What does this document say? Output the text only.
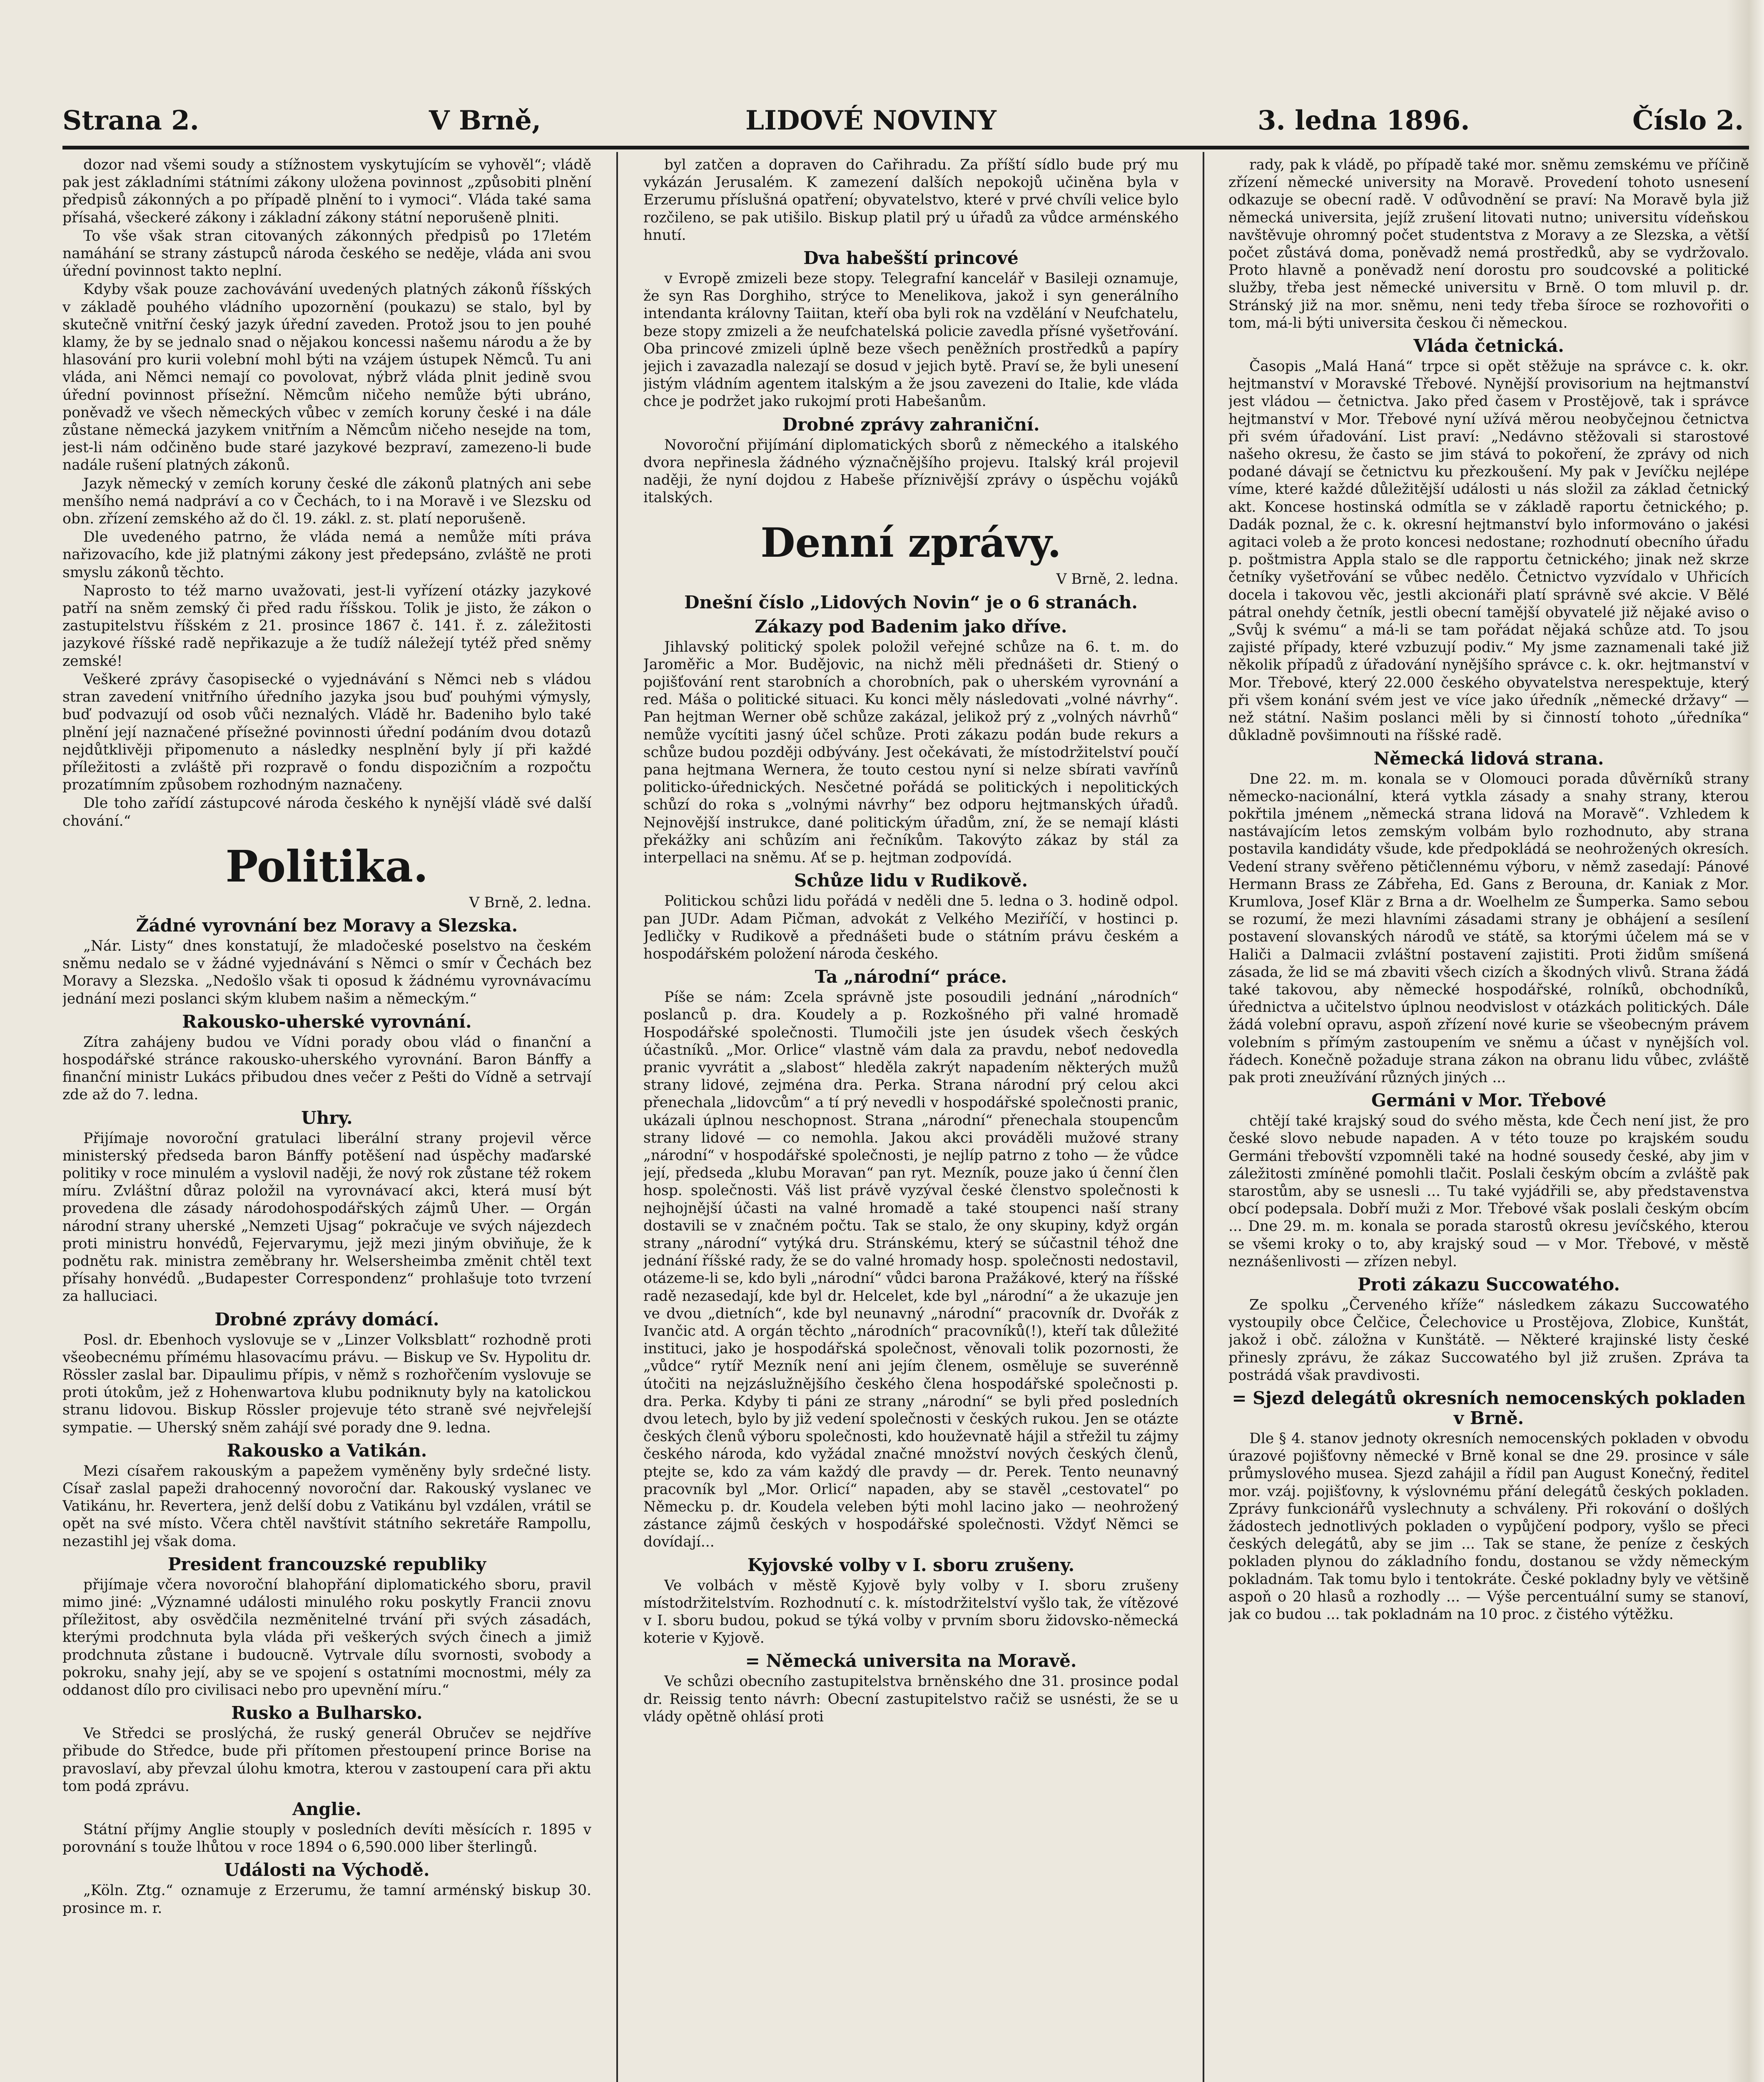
Strana 2.	V Brně,	LIDOVÉ NOVINY	3. ledna 1896.	Číslo 2.

dozor nad všemi soudy a stížnostem vyskytujícím se vyhověl“; vládě pak jest základními státními zákony uložena povinnost „způsobiti plnění předpisů zákonných a po případě plnění to i vymoci“. Vláda také sama přísahá, všeckeré zákony i základní zákony státní neporušeně plniti.

To vše však stran citovaných zákonných předpisů po 17letém namáhání se strany zástupců národa českého se neděje, vláda ani svou úřední povinnost takto neplní.

Kdyby však pouze zachovávání uvedených platných zákonů říšských v základě pouhého vládního upozornění (poukazu) se stalo, byl by skutečně vnitřní český jazyk úřední zaveden. Protož jsou to jen pouhé klamy, že by se jednalo snad o nějakou koncessi našemu národu a že by hlasování pro kurii volební mohl býti na vzájem ústupek Němců. Tu ani vláda, ani Němci nemají co povolovat, nýbrž vláda plnit jedině svou úřední povinnost přísežní. Němcům ničeho nemůže býti ubráno, poněvadž ve všech německých vůbec v zemích koruny české i na dále zůstane německá jazykem vnitřním a Němcům ničeho nesejde na tom, jest-li nám odčiněno bude staré jazykové bezpraví, zamezeno-li bude nadále rušení platných zákonů.

Jazyk německý v zemích koruny české dle zákonů platných ani sebe menšího nemá nadpráví a co v Čechách, to i na Moravě i ve Slezsku od obn. zřízení zemského až do čl. 19. zákl. z. st. platí neporušeně.

Dle uvedeného patrno, že vláda nemá a nemůže míti práva nařizovacího, kde již platnými zákony jest předepsáno, zvláště ne proti smyslu zákonů těchto.

Naprosto to též marno uvažovati, jest-li vyřízení otázky jazykové patří na sněm zemský či před radu říšskou. Tolik je jisto, že zákon o zastupitelstvu říšském z 21. prosince 1867 č. 141. ř. z. záležitosti jazykové říšské radě nepřikazuje a že tudíž náležejí tytéž před sněmy zemské!

Veškeré zprávy časopisecké o vyjednávání s Němci neb s vládou stran zavedení vnitřního úředního jazyka jsou buď pouhými výmysly, buď podvazují od osob vůči neznalých. Vládě hr. Badeniho bylo také plnění její naznačené přísežné povinnosti úřední podáním dvou dotazů nejdůtklivěji připomenuto a následky nesplnění byly jí při každé příležitosti a zvláště při rozpravě o fondu dispozičním a rozpočtu prozatímním způsobem rozhodným naznačeny.

Dle toho zařídí zástupcové národa českého k nynější vládě své další chování.“

Politika.
V Brně, 2. ledna.
Žádné vyrovnání bez Moravy a Slezska.

„Nár. Listy“ dnes konstatují, že mladočeské poselstvo na českém sněmu nedalo se v žádné vyjednávání s Němci o smír v Čechách bez Moravy a Slezska. „Nedošlo však ti oposud k žádnému vyrovnávacímu jednání mezi poslanci ským klubem našim a německým.“

Rakousko-uherské vyrovnání.

Zítra zahájeny budou ve Vídni porady obou vlád o finanční a hospodářské stránce rakousko-uherského vyrovnání. Baron Bánffy a finanční ministr Lukács přibudou dnes večer z Pešti do Vídně a setrvají zde až do 7. ledna.

Uhry.

Přijímaje novoroční gratulaci liberální strany projevil věrce ministerský předseda baron Bánffy potěšení nad úspěchy maďarské politiky v roce minulém a vyslovil naději, že nový rok zůstane též rokem míru. Zvláštní důraz položil na vyrovnávací akci, která musí být provedena dle zásady národohospodářských zájmů Uher. — Orgán národní strany uherské „Nemzeti Ujsag“ pokračuje ve svých nájezdech proti ministru honvédů, Fejervarymu, jejž mezi jiným obviňuje, že k podnětu rak. ministra zeměbrany hr. Welsersheimba změnit chtěl text přísahy honvédů. „Budapester Correspondenz“ prohlašuje toto tvrzení za halluciaci.

Drobné zprávy domácí.

Posl. dr. Ebenhoch vyslovuje se v „Linzer Volksblatt“ rozhodně proti všeobecnému přímému hlasovacímu právu. — Biskup ve Sv. Hypolitu dr. Rössler zaslal bar. Dipaulimu přípis, v němž s rozhořčením vyslovuje se proti útokům, jež z Hohenwartova klubu podniknuty byly na katolickou stranu lidovou. Biskup Rössler projevuje této straně své nejvřelejší sympatie. — Uherský sněm zahájí své porady dne 9. ledna.

Rakousko a Vatikán.

Mezi císařem rakouským a papežem vyměněny byly srdečné listy. Císař zaslal papeži drahocenný novoroční dar. Rakouský vyslanec ve Vatikánu, hr. Revertera, jenž delší dobu z Vatikánu byl vzdálen, vrátil se opět na své místo. Včera chtěl navštívit státního sekretáře Rampollu, nezastihl jej však doma.

President francouzské republiky

přijímaje včera novoroční blahopřání diplomatického sboru, pravil mimo jiné: „Významné události minulého roku poskytly Francii znovu příležitost, aby osvědčila nezměnitelné trvání při svých zásadách, kterými prodchnuta byla vláda při veškerých svých činech a jimiž prodchnuta zůstane i budoucně. Vytrvale dílu svornosti, svobody a pokroku, snahy její, aby se ve spojení s ostatními mocnostmi, mély za oddanost dílo pro civilisaci nebo pro upevnění míru.“

Rusko a Bulharsko.

Ve Středci se proslýchá, že ruský generál Obručev se nejdříve přibude do Středce, bude při přítomen přestoupení prince Borise na pravoslaví, aby převzal úlohu kmotra, kterou v zastoupení cara při aktu tom podá zprávu.

Anglie.

Státní příjmy Anglie stouply v posledních devíti měsících r. 1895 v porovnání s touže lhůtou v roce 1894 o 6,590.000 liber šterlingů.

Události na Východě.

„Köln. Ztg.“ oznamuje z Erzerumu, že tamní arménský biskup 30. prosince m. r.

byl zatčen a dopraven do Cařihradu. Za příští sídlo bude prý mu vykázán Jerusalém. K zamezení dalších nepokojů učiněna byla v Erzerumu příslušná opatření; obyvatelstvo, které v prvé chvíli velice bylo rozčileno, se pak utišilo. Biskup platil prý u úřadů za vůdce arménského hnutí.

Dva habešští princové

v Evropě zmizeli beze stopy. Telegrafní kancelář v Basileji oznamuje, že syn Ras Dorghiho, strýce to Menelikova, jakož i syn generálního intendanta královny Taiitan, kteří oba byli rok na vzdělání v Neufchatelu, beze stopy zmizeli a že neufchatelská policie zavedla přísné vyšetřování. Oba princové zmizeli úplně beze všech peněžních prostředků a papíry jejich i zavazadla nalezají se dosud v jejich bytě. Praví se, že byli unesení jistým vládním agentem italským a že jsou zavezeni do Italie, kde vláda chce je podržet jako rukojmí proti Habešanům.

Drobné zprávy zahraniční.

Novoroční přijímání diplomatických sborů z německého a italského dvora nepřinesla žádného význačnějšího projevu. Italský král projevil naději, že nyní dojdou z Habeše příznivější zprávy o úspěchu vojáků italských.

Denní zprávy.
V Brně, 2. ledna.
Dnešní číslo „Lidových Novin“ je o 6 stranách.
Zákazy pod Badenim jako dříve.

Jihlavský politický spolek položil veřejné schůze na 6. t. m. do Jaroměřic a Mor. Budějovic, na nichž měli přednášeti dr. Stiený o pojišťování rent starobních a chorobních, pak o uherském vyrovnání a red. Máša o politické situaci. Ku konci měly následovati „volné návrhy“. Pan hejtman Werner obě schůze zakázal, jelikož prý z „volných návrhů“ nemůže vycítiti jasný účel schůze. Proti zákazu podán bude rekurs a schůze budou později odbývány. Jest očekávati, že místodržitelství poučí pana hejtmana Wernera, že touto cestou nyní si nelze sbírati vavřínů politicko-úřednických. Nesčetné pořádá se politických i nepolitických schůzí do roka s „volnými návrhy“ bez odporu hejtmanských úřadů. Nejnovější instrukce, dané politickým úřadům, zní, že se nemají klásti překážky ani schůzím ani řečníkům. Takovýto zákaz by stál za interpellaci na sněmu. Ať se p. hejtman zodpovídá.

Schůze lidu v Rudikově.

Politickou schůzi lidu pořádá v neděli dne 5. ledna o 3. hodině odpol. pan JUDr. Adam Pičman, advokát z Velkého Meziříčí, v hostinci p. Jedličky v Rudikově a přednášeti bude o státním právu českém a hospodářském položení národa českého.

Ta „národní“ práce.

Píše se nám: Zcela správně jste posoudili jednání „národních“ poslanců p. dra. Koudely a p. Rozkošného při valné hromadě Hospodářské společnosti. Tlumočili jste jen úsudek všech českých účastníků. „Mor. Orlice“ vlastně vám dala za pravdu, neboť nedovedla pranic vyvrátit a „slabost“ hleděla zakrýt napadením některých mužů strany lidové, zejména dra. Perka. Strana národní prý celou akci přenechala „lidovcům“ a tí prý nevedli v hospodářské společnosti pranic, ukázali úplnou neschopnost. Strana „národní“ přenechala stoupencům strany lidové — co nemohla. Jakou akci prováděli mužové strany „národní“ v hospodářské společnosti, je nejlíp patrno z toho — že vůdce její, předseda „klubu Moravan“ pan ryt. Mezník, pouze jako ú čenní člen hosp. společnosti. Váš list právě vyzýval české členstvo společnosti k nejhojnější účasti na valné hromadě a také stoupenci naší strany dostavili se v značném počtu. Tak se stalo, že ony skupiny, když orgán strany „národní“ vytýká dru. Stránskému, který se súčastnil téhož dne jednání říšské rady, že se do valné hromady hosp. společnosti nedostavil, otázeme-li se, kdo byli „národní“ vůdci barona Pražákové, který na říšské radě nezasedají, kde byl dr. Helcelet, kde byl „národní“ a že ukazuje jen ve dvou „dietních“, kde byl neunavný „národní“ pracovník dr. Dvořák z Ivančic atd. A orgán těchto „národních“ pracovníků(!), kteří tak důležité instituci, jako je hospodářská společnost, věnovali tolik pozornosti, že „vůdce“ rytíř Mezník není ani jejím členem, osměluje se suverénně útočiti na nejzáslužnějšího českého člena hospodářské společnosti p. dra. Perka. Kdyby ti páni ze strany „národní“ se byli před posledních dvou letech, bylo by již vedení společnosti v českých rukou. Jen se otázte českých členů výboru společnosti, kdo houževnatě hájil a střežil tu zájmy českého národa, kdo vyžádal značné množství nových českých členů, ptejte se, kdo za vám každý dle pravdy — dr. Perek. Tento neunavný pracovník byl „Mor. Orlicí“ napaden, aby se stavěl „cestovatel“ po Německu p. dr. Koudela veleben býti mohl lacino jako — neohrožený zástance zájmů českých v hospodářské společnosti. Vždyť Němci se dovídají...

Kyjovské volby v I. sboru zrušeny.

Ve volbách v městě Kyjově byly volby v I. sboru zrušeny místodržitelstvím. Rozhodnutí c. k. místodržitelství vyšlo tak, že vítězové v I. sboru budou, pokud se týká volby v prvním sboru židovsko-německá koterie v Kyjově.

= Německá universita na Moravě.

Ve schůzi obecního zastupitelstva brněnského dne 31. prosince podal dr. Reissig tento návrh: Obecní zastupitelstvo račiž se usnésti, že se u vlády opětně ohlásí proti

rady, pak k vládě, po případě také mor. sněmu zemskému ve příčině zřízení německé university na Moravě. Provedení tohoto usnesení odkazuje se obecní radě. V odůvodnění se praví: Na Moravě byla již německá universita, jejíž zrušení litovati nutno; universitu vídeňskou navštěvuje ohromný počet studentstva z Moravy a ze Slezska, a větší počet zůstává doma, poněvadž nemá prostředků, aby se vydržovalo. Proto hlavně a poněvadž není dorostu pro soudcovské a politické služby, třeba jest německé universitu v Brně. O tom mluvil p. dr. Stránský již na mor. sněmu, neni tedy třeba šíroce se rozhovořiti o tom, má-li býti universita českou či německou.

Vláda četnická.

Časopis „Malá Haná“ trpce si opět stěžuje na správce c. k. okr. hejtmanství v Moravské Třebové. Nynější provisorium na hejtmanství jest vládou — četnictva. Jako před časem v Prostějově, tak i správce hejtmanství v Mor. Třebové nyní užívá měrou neobyčejnou četnictva při svém úřadování. List praví: „Nedávno stěžovali si starostové našeho okresu, že často se jim stává to pokoření, že zprávy od nich podané dávají se četnictvu ku přezkoušení. My pak v Jevíčku nejlépe víme, které každé důležitější události u nás složil za základ četnický akt. Koncese hostinská odmítla se v základě raportu četnického; p. Dadák poznal, že c. k. okresní hejtmanství bylo informováno o jakési agitaci voleb a že proto koncesi nedostane; rozhodnutí obecního úřadu p. poštmistra Appla stalo se dle rapportu četnického; jinak než skrze četníky vyšetřování se vůbec nedělo. Četnictvo vyzvídalo v Uhřicích docela i takovou věc, jestli akcionáři platí správně své akcie. V Bělé pátral onehdy četník, jestli obecní tamější obyvatelé již nějaké aviso o „Svůj k svému“ a má-li se tam pořádat nějaká schůze atd. To jsou zajisté případy, které vzbuzují podiv.“ My jsme zaznamenali také již několik případů z úřadování nynějšího správce c. k. okr. hejtmanství v Mor. Třebové, který 22.000 českého obyvatelstva nerespektuje, který při všem konání svém jest ve více jako úředník „německé državy“ — než státní. Našim poslanci měli by si činností tohoto „úředníka“ důkladně povšimnouti na říšské radě.

Německá lidová strana.

Dne 22. m. m. konala se v Olomouci porada důvěrníků strany německo-nacionální, která vytkla zásady a snahy strany, kterou pokřtila jménem „německá strana lidová na Moravě“. Vzhledem k nastávajícím letos zemským volbám bylo rozhodnuto, aby strana postavila kandidáty všude, kde předpokládá se neohrožených okresích. Vedení strany svěřeno pětičlennému výboru, v němž zasedají: Pánové Hermann Brass ze Zábřeha, Ed. Gans z Berouna, dr. Kaniak z Mor. Krumlova, Josef Klär z Brna a dr. Woelhelm ze Šumperka. Samo sebou se rozumí, že mezi hlavními zásadami strany je obhájení a sesílení postavení slovanských národů ve státě, sa ktorými účelem má se v Haliči a Dalmacii zvláštní postavení zajistiti. Proti židům smíšená zásada, že lid se má zbaviti všech cizích a škodných vlivů. Strana žádá také takovou, aby německé hospodářské, rolníků, obchodníků, úřednictva a učitelstvo úplnou neodvislost v otázkách politických. Dále žádá volební opravu, aspoň zřízení nové kurie se všeobecným právem volebním s přímým zastoupením ve sněmu a účast v nynějších vol. řádech. Konečně požaduje strana zákon na obranu lidu vůbec, zvláště pak proti zneužívání různých jiných ...

Germáni v Mor. Třebové

chtějí také krajský soud do svého města, kde Čech není jist, že pro české slovo nebude napaden. A v této touze po krajském soudu Germáni třebovští vzpomněli také na hodné sousedy české, aby jim v záležitosti zmíněné pomohli tlačit. Poslali českým obcím a zvláště pak starostům, aby se usnesli ... Tu také vyjádřili se, aby představenstva obcí podepsala. Dobří muži z Mor. Třebové však poslali českým obcím ... Dne 29. m. m. konala se porada starostů okresu jevíčského, kterou se všemi kroky o to, aby krajský soud — v Mor. Třebové, v městě neznášenlivosti — zřízen nebyl.

Proti zákazu Succowatého.

Ze spolku „Červeného kříže“ následkem zákazu Succowatého vystoupily obce Čelčice, Čelechovice u Prostějova, Zlobice, Kunštát, jakož i obč. záložna v Kunštátě. — Některé krajinské listy české přinesly zprávu, že zákaz Succowatého byl již zrušen. Zpráva ta postrádá však pravdivosti.

= Sjezd delegátů okresních nemocenských pokladen v Brně.

Dle § 4. stanov jednoty okresních nemocenských pokladen v obvodu úrazové pojišťovny německé v Brně konal se dne 29. prosince v sále průmyslového musea. Sjezd zahájil a řídil pan August Konečný, ředitel mor. vzáj. pojišťovny, k výslovnému přání delegátů českých pokladen. Zprávy funkcionářů vyslechnuty a schváleny. Při rokování o došlých žádostech jednotlivých pokladen o vypůjčení podpory, vyšlo se přeci českých delegátů, aby se jim ... Tak se stane, že peníze z českých pokladen plynou do základního fondu, dostanou se vždy německým pokladnám. Tak tomu bylo i tentokráte. České pokladny byly ve většině aspoň o 20 hlasů a rozhodly ... — Výše percentuální sumy se stanoví, jak co budou ... tak pokladnám na 10 proc. z čistého výtěžku.
